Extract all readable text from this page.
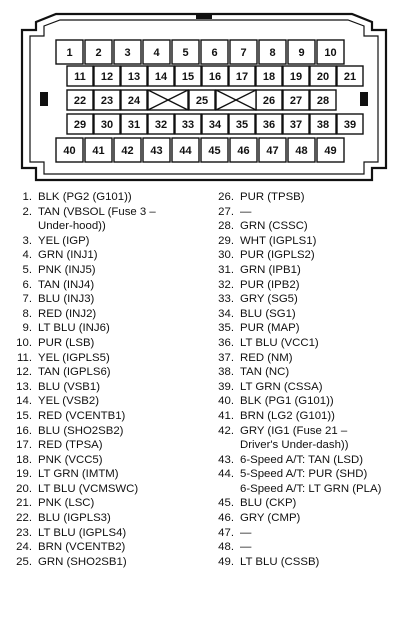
1 2 3 4 5 6 7 8 9 10
11 12 13 14 15 16 17 18 19 20 21
22 23 24	25	26 27 28
29 30 31 32 33 34 35 36 37 38 39
40 41 42 43 44 45 46 47 48 49
1. BLK (PG2 (G101))
2. TAN (VBSOL (Fuse 3 –
Under-hood))
3. YEL (IGP)
4. GRN (INJ1)
5. PNK (INJ5)
6. TAN (INJ4)
7. BLU (INJ3)
8. RED (INJ2)
9. LT BLU (INJ6)
10. PUR (LSB)
11. YEL (IGPLS5)
12. TAN (IGPLS6)
13. BLU (VSB1)
14. YEL (VSB2)
15. RED (VCENTB1)
16. BLU (SHO2SB2)
17. RED (TPSA)
18. PNK (VCC5)
19. LT GRN (IMTM)
20. LT BLU (VCMSWC)
21. PNK (LSC)
22. BLU (IGPLS3)
23. LT BLU (IGPLS4)
24. BRN (VCENTB2)
25. GRN (SHO2SB1)
26. PUR (TPSB)
27. —
28. GRN (CSSC)
29. WHT (IGPLS1)
30. PUR (IGPLS2)
31. GRN (IPB1)
32. PUR (IPB2)
33. GRY (SG5)
34. BLU (SG1)
35. PUR (MAP)
36. LT BLU (VCC1)
37. RED (NM)
38. TAN (NC)
39. LT GRN (CSSA)
40. BLK (PG1 (G101))
41. BRN (LG2 (G101))
42. GRY (IG1 (Fuse 21 –
Driver's Under-dash))
43. 6-Speed A/T: TAN (LSD)
44. 5-Speed A/T: PUR (SHD)
6-Speed A/T: LT GRN (PLA)
45. BLU (CKP)
46. GRY (CMP)
47. —
48. —
49. LT BLU (CSSB)
